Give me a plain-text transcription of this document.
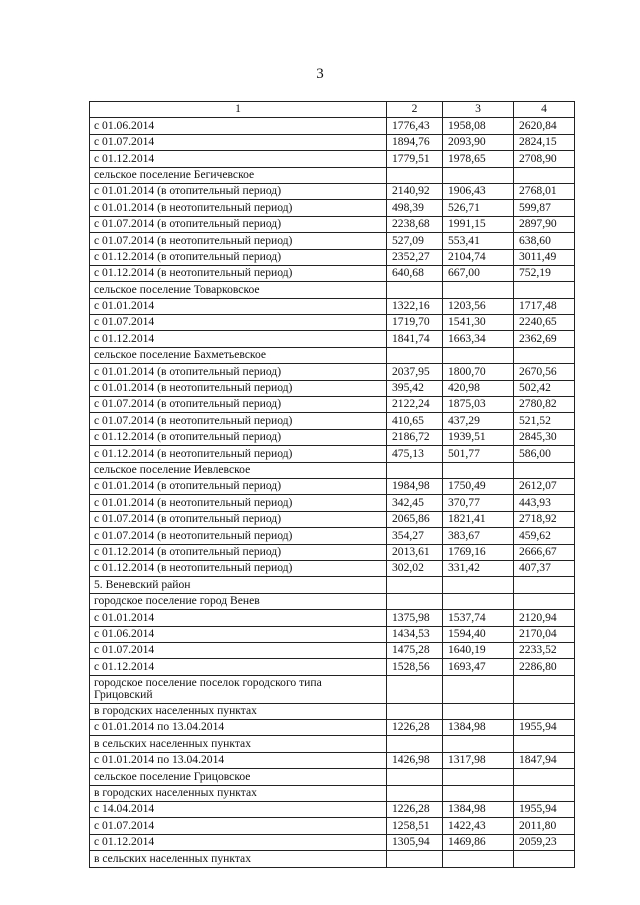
3
1	2	3	4
с 01.06.2014	1776,43	1958,08	2620,84
с 01.07.2014	1894,76	2093,90	2824,15
с 01.12.2014	1779,51	1978,65	2708,90
сельское поселение Бегичевское			
с 01.01.2014 (в отопительный период)	2140,92	1906,43	2768,01
с 01.01.2014 (в неотопительный период)	498,39	526,71	599,87
с 01.07.2014 (в отопительный период)	2238,68	1991,15	2897,90
с 01.07.2014 (в неотопительный период)	527,09	553,41	638,60
с 01.12.2014 (в отопительный период)	2352,27	2104,74	3011,49
с 01.12.2014 (в неотопительный период)	640,68	667,00	752,19
сельское поселение Товарковское			
с 01.01.2014	1322,16	1203,56	1717,48
с 01.07.2014	1719,70	1541,30	2240,65
с 01.12.2014	1841,74	1663,34	2362,69
сельское поселение Бахметьевское			
с 01.01.2014 (в отопительный период)	2037,95	1800,70	2670,56
с 01.01.2014 (в неотопительный период)	395,42	420,98	502,42
с 01.07.2014 (в отопительный период)	2122,24	1875,03	2780,82
с 01.07.2014 (в неотопительный период)	410,65	437,29	521,52
с 01.12.2014 (в отопительный период)	2186,72	1939,51	2845,30
с 01.12.2014 (в неотопительный период)	475,13	501,77	586,00
сельское поселение Иевлевское			
с 01.01.2014 (в отопительный период)	1984,98	1750,49	2612,07
с 01.01.2014 (в неотопительный период)	342,45	370,77	443,93
с 01.07.2014 (в отопительный период)	2065,86	1821,41	2718,92
с 01.07.2014 (в неотопительный период)	354,27	383,67	459,62
с 01.12.2014 (в отопительный период)	2013,61	1769,16	2666,67
с 01.12.2014 (в неотопительный период)	302,02	331,42	407,37
5. Веневский район			
городское поселение город Венев			
с 01.01.2014	1375,98	1537,74	2120,94
с 01.06.2014	1434,53	1594,40	2170,04
с 01.07.2014	1475,28	1640,19	2233,52
с 01.12.2014	1528,56	1693,47	2286,80
городское поселение поселок городского типа Грицовский			
в городских населенных пунктах			
с 01.01.2014 по 13.04.2014	1226,28	1384,98	1955,94
в сельских населенных пунктах			
с 01.01.2014 по 13.04.2014	1426,98	1317,98	1847,94
сельское поселение Грицовское			
в городских населенных пунктах			
с 14.04.2014	1226,28	1384,98	1955,94
с 01.07.2014	1258,51	1422,43	2011,80
с 01.12.2014	1305,94	1469,86	2059,23
в сельских населенных пунктах			
